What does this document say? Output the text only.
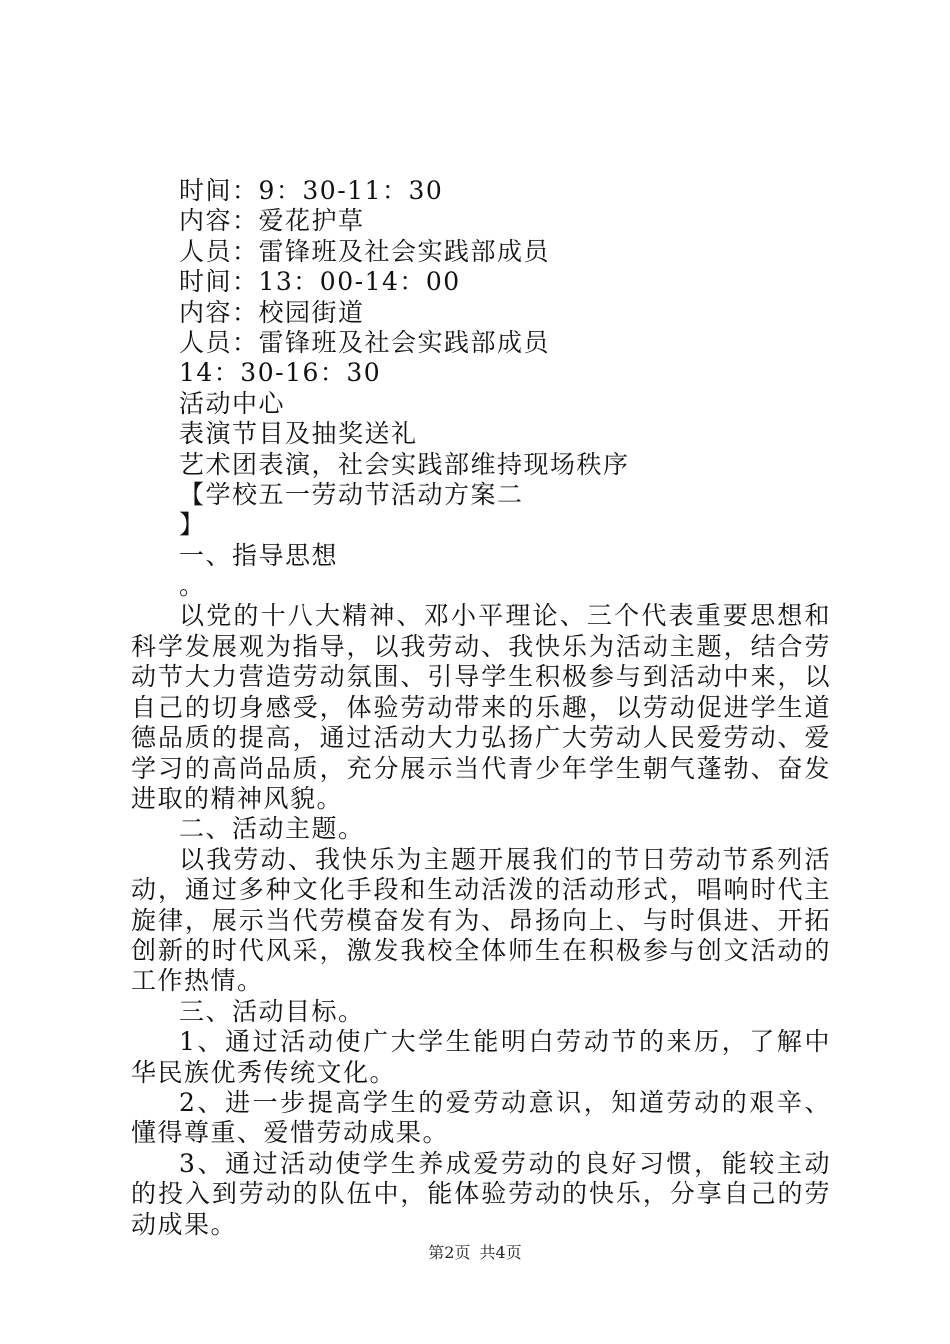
时间：9：30-11：30
内容：爱花护草
人员：雷锋班及社会实践部成员
时间：13：00-14：00
内容：校园街道
人员：雷锋班及社会实践部成员
14：30-16：30
活动中心
表演节目及抽奖送礼
艺术团表演，社会实践部维持现场秩序
【学校五一劳动节活动方案二
】
一、指导思想
。

以党的十八大精神、邓小平理论、三个代表重要思想和科学发展观为指导，以我劳动、我快乐为活动主题，结合劳动节大力营造劳动氛围、引导学生积极参与到活动中来，以自己的切身感受，体验劳动带来的乐趣，以劳动促进学生道德品质的提高，通过活动大力弘扬广大劳动人民爱劳动、爱学习的高尚品质，充分展示当代青少年学生朝气蓬勃、奋发进取的精神风貌。

二、活动主题。

以我劳动、我快乐为主题开展我们的节日劳动节系列活动，通过多种文化手段和生动活泼的活动形式，唱响时代主旋律，展示当代劳模奋发有为、昂扬向上、与时俱进、开拓创新的时代风采，激发我校全体师生在积极参与创文活动的工作热情。

三、活动目标。

1、通过活动使广大学生能明白劳动节的来历，了解中华民族优秀传统文化。

2、进一步提高学生的爱劳动意识，知道劳动的艰辛、懂得尊重、爱惜劳动成果。

3、通过活动使学生养成爱劳动的良好习惯，能较主动的投入到劳动的队伍中，能体验劳动的快乐，分享自己的劳动成果。

第2页 共4页
